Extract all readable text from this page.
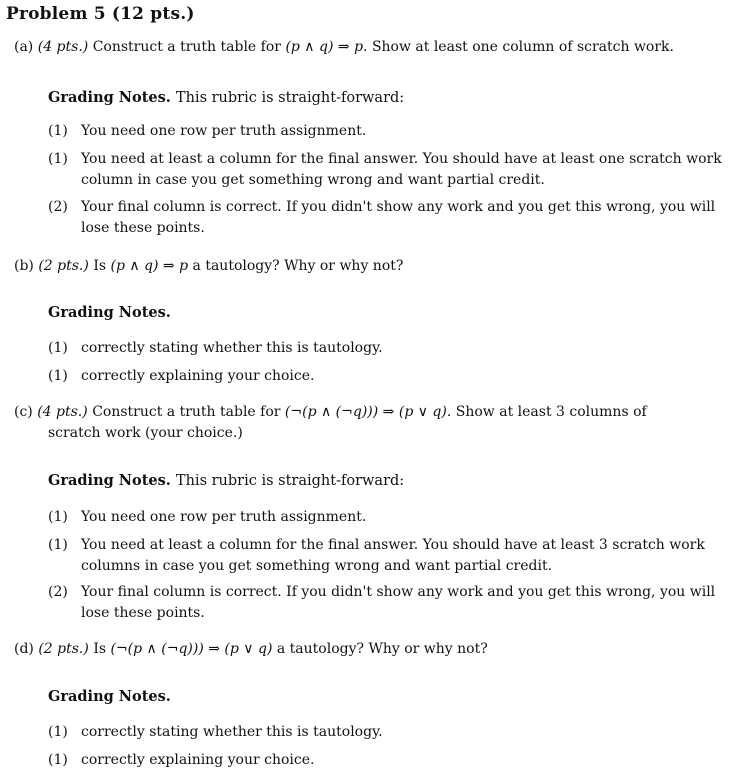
Problem 5 (12 pts.)
(a) (4 pts.) Construct a truth table for (p ∧ q) ⇒ p. Show at least one column of scratch work.
Grading Notes. This rubric is straight-forward:
(1) You need one row per truth assignment.
(1) You need at least a column for the final answer. You should have at least one scratch work column in case you get something wrong and want partial credit.
(2) Your final column is correct. If you didn't show any work and you get this wrong, you will lose these points.
(b) (2 pts.) Is (p ∧ q) ⇒ p a tautology? Why or why not?
Grading Notes.
(1) correctly stating whether this is tautology.
(1) correctly explaining your choice.
(c) (4 pts.) Construct a truth table for (¬(p ∧ (¬q))) ⇒ (p ∨ q). Show at least 3 columns of
scratch work (your choice.)
Grading Notes. This rubric is straight-forward:
(1) You need one row per truth assignment.
(1) You need at least a column for the final answer. You should have at least 3 scratch work columns in case you get something wrong and want partial credit.
(2) Your final column is correct. If you didn't show any work and you get this wrong, you will lose these points.
(d) (2 pts.) Is (¬(p ∧ (¬q))) ⇒ (p ∨ q) a tautology? Why or why not?
Grading Notes.
(1) correctly stating whether this is tautology.
(1) correctly explaining your choice.
